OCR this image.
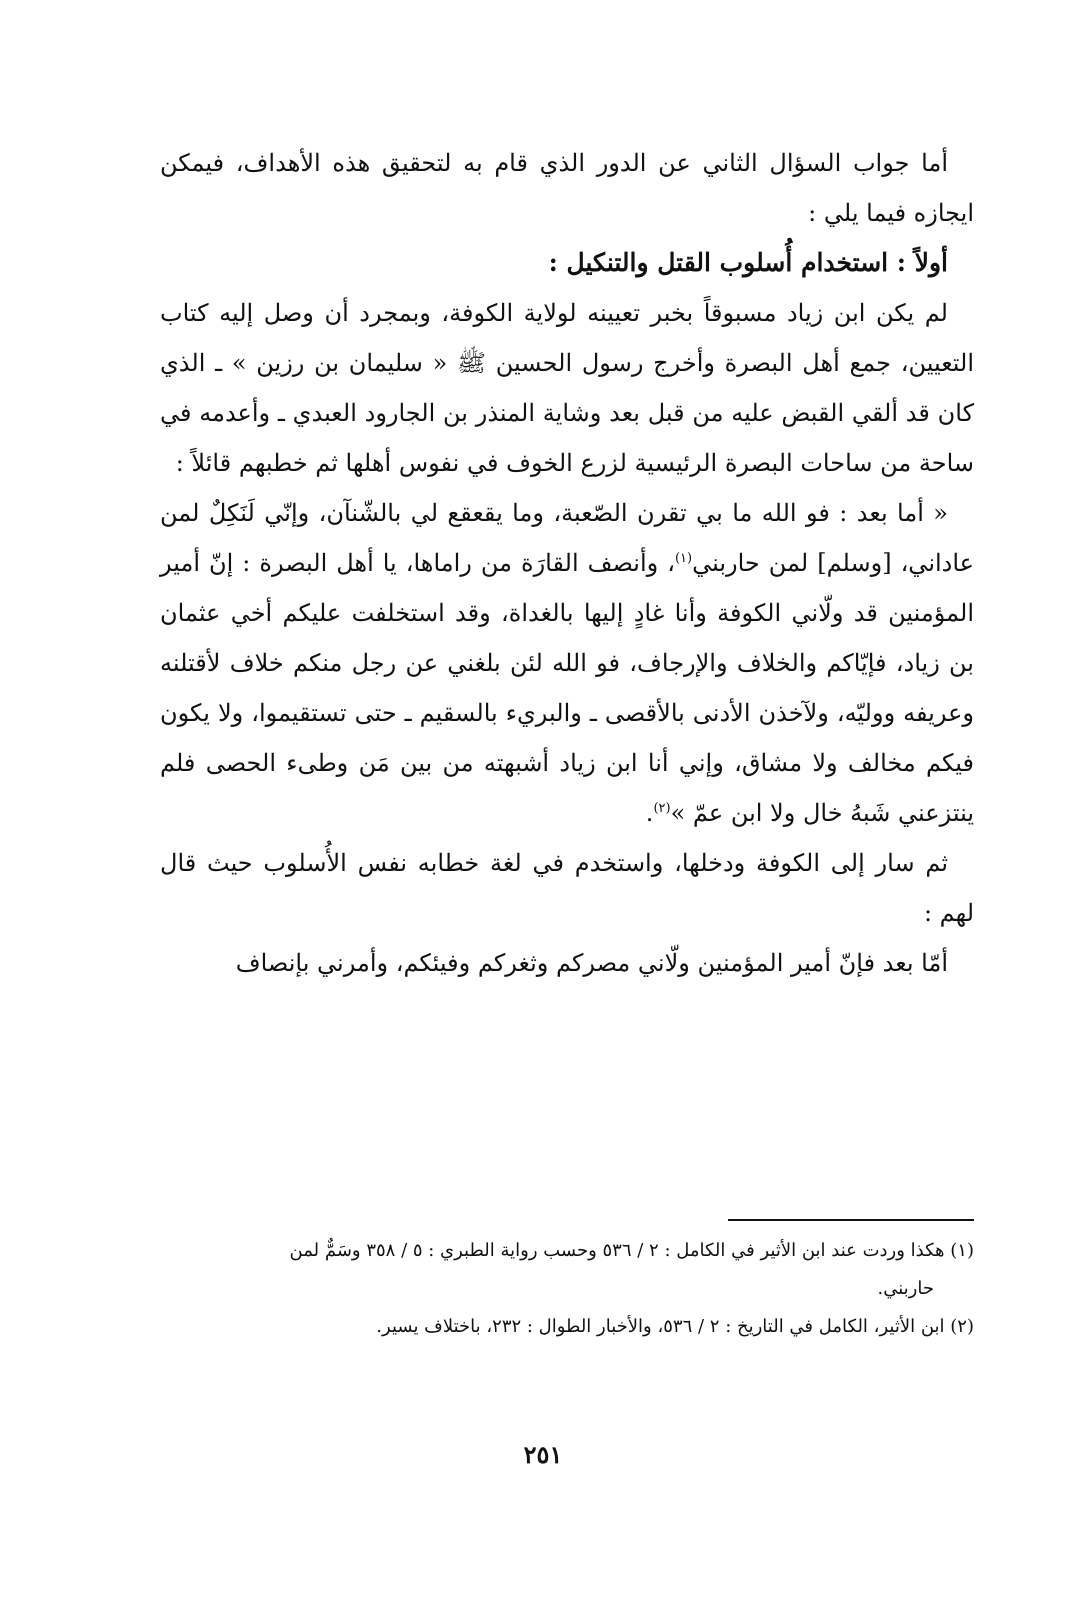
أما جواب السؤال الثاني عن الدور الذي قام به لتحقيق هذه الأهداف، فيمكن ايجازه فيما يلي :

أولاً : استخدام أُسلوب القتل والتنكيل :

لم يكن ابن زياد مسبوقاً بخبر تعيينه لولاية الكوفة، وبمجرد أن وصل إليه كتاب التعيين، جمع أهل البصرة وأخرج رسول الحسين ﷺ « سليمان بن رزين » ـ الذي كان قد ألقي القبض عليه من قبل بعد وشاية المنذر بن الجارود العبدي ـ وأعدمه في ساحة من ساحات البصرة الرئيسية لزرع الخوف في نفوس أهلها ثم خطبهم قائلاً :

« أما بعد : فو الله ما بي تقرن الصّعبة، وما يقعقع لي بالشّنآن، وإنّي لَنَكِلٌ لمن عاداني، [وسلم] لمن حاربني$^{(١)}$، وأنصف القارَة من راماها، يا أهل البصرة : إنّ أمير المؤمنين قد ولّاني الكوفة وأنا غادٍ إليها بالغداة، وقد استخلفت عليكم أخي عثمان بن زياد، فإيّاكم والخلاف والإرجاف، فو الله لئن بلغني عن رجل منكم خلاف لأقتلنه وعريفه ووليّه، ولآخذن الأدنى بالأقصى ـ والبريء بالسقيم ـ حتى تستقيموا، ولا يكون فيكم مخالف ولا مشاق، وإني أنا ابن زياد أشبهته من بين مَن وطىء الحصى فلم ينتزعني شَبهُ خال ولا ابن عمّ »$^{(٢)}$.

ثم سار إلى الكوفة ودخلها، واستخدم في لغة خطابه نفس الأُسلوب حيث قال لهم :

أمّا بعد فإنّ أمير المؤمنين ولّاني مصركم وثغركم وفيئكم، وأمرني بإنصاف

(١) هكذا وردت عند ابن الأثير في الكامل : ٢ / ٥٣٦ وحسب رواية الطبري : ٥ / ٣٥٨ وسَمٌّ لمن

حاربني.

(٢) ابن الأثير، الكامل في التاريخ : ٢ / ٥٣٦، والأخبار الطوال : ٢٣٢، باختلاف يسير.

٢٥١
